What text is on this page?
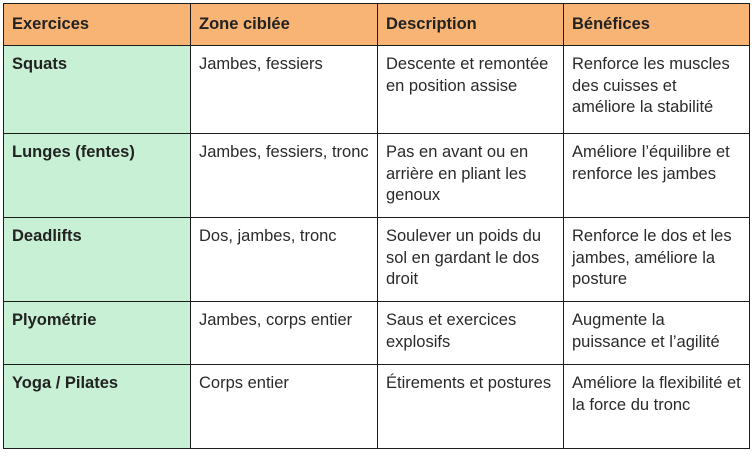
Exercices	Zone ciblée	Description	Bénéfices
Squats	Jambes, fessiers	Descente et remontée en position assise	Renforce les muscles des cuisses et améliore la stabilité
Lunges (fentes)	Jambes, fessiers, tronc	Pas en avant ou en arrière en pliant les genoux	Améliore l’équilibre et renforce les jambes
Deadlifts	Dos, jambes, tronc	Soulever un poids du sol en gardant le dos droit	Renforce le dos et les jambes, améliore la posture
Plyométrie	Jambes, corps entier	Saus et exercices explosifs	Augmente la puissance et l’agilité
Yoga / Pilates	Corps entier	Étirements et postures	Améliore la flexibilité et la force du tronc
